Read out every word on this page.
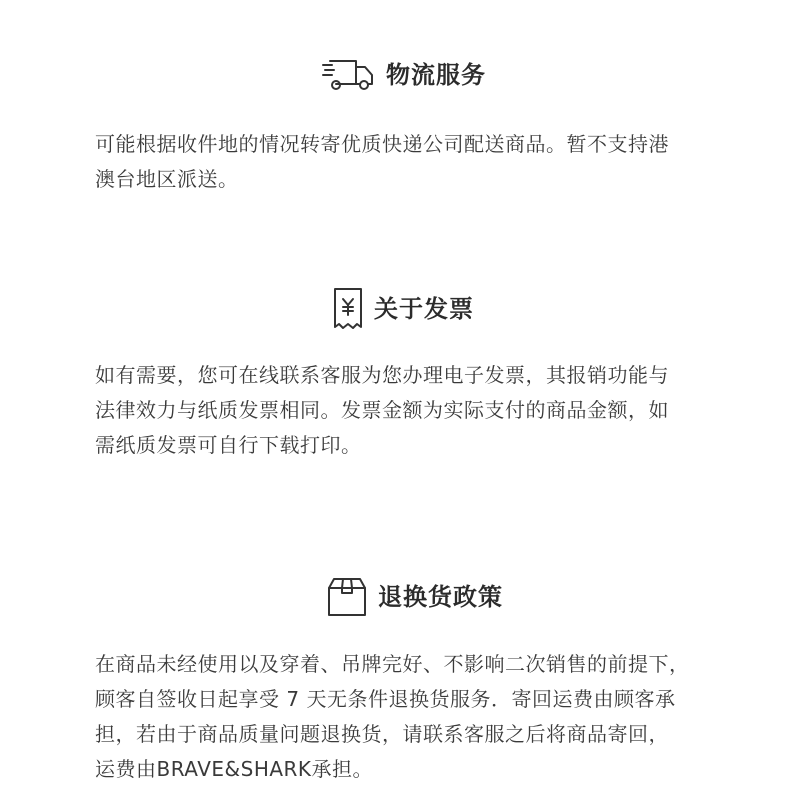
物流服务
可能根据收件地的情况转寄优质快递公司配送商品。暂不支持港
澳台地区派送。
关于发票
如有需要，您可在线联系客服为您办理电子发票，其报销功能与
法律效力与纸质发票相同。发票金额为实际支付的商品金额，如
需纸质发票可自行下载打印。
退换货政策
在商品未经使用以及穿着、吊牌完好、不影响二次销售的前提下，
顾客自签收日起享受 7 天无条件退换货服务．寄回运费由顾客承
担，若由于商品质量问题退换货，请联系客服之后将商品寄回，
运费由BRAVE&SHARK承担。
